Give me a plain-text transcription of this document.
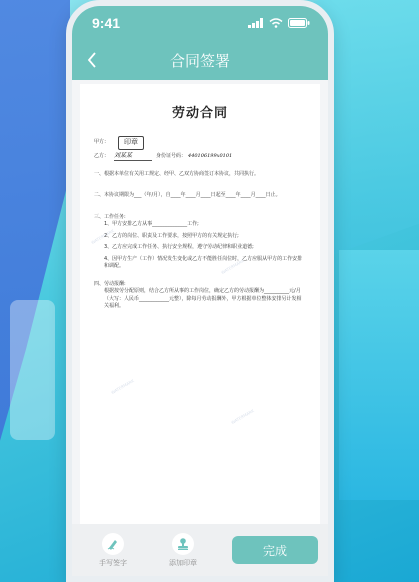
9:41
合同签署
WATERMARK
WATERMARK
WATERMARK
WATERMARK
劳动合同
甲方：	印章
乙方： 刘某某	身份证号码： 440106199x0101
一、根据本单位有关用工规定、经甲、乙双方协商签订本协议，共同执行。
二、本协议期限为___（年/月），自____年____月____日起至____年____月____日止。
三、工作任务:
1、甲方安排乙方从事______________工作;
2、乙方的岗位、职责及工作要求，按照甲方的有关规定执行;
3、乙方应完成工作任务、执行安全规程，遵守劳动纪律和职业道德;
4、因甲方生产（工作）情况发生变化或乙方不能胜任岗位时，乙方应服从甲方的工作安排和调配。
四、劳动报酬:
根据按劳分配原则，结合乙方所从事的工作岗位，确定乙方的劳动报酬为__________元/月（大写：人民币____________元整），除每月劳动报酬外，甲方根据单位整体安排另计发相关福利。
手写签字	添加印章
完成
